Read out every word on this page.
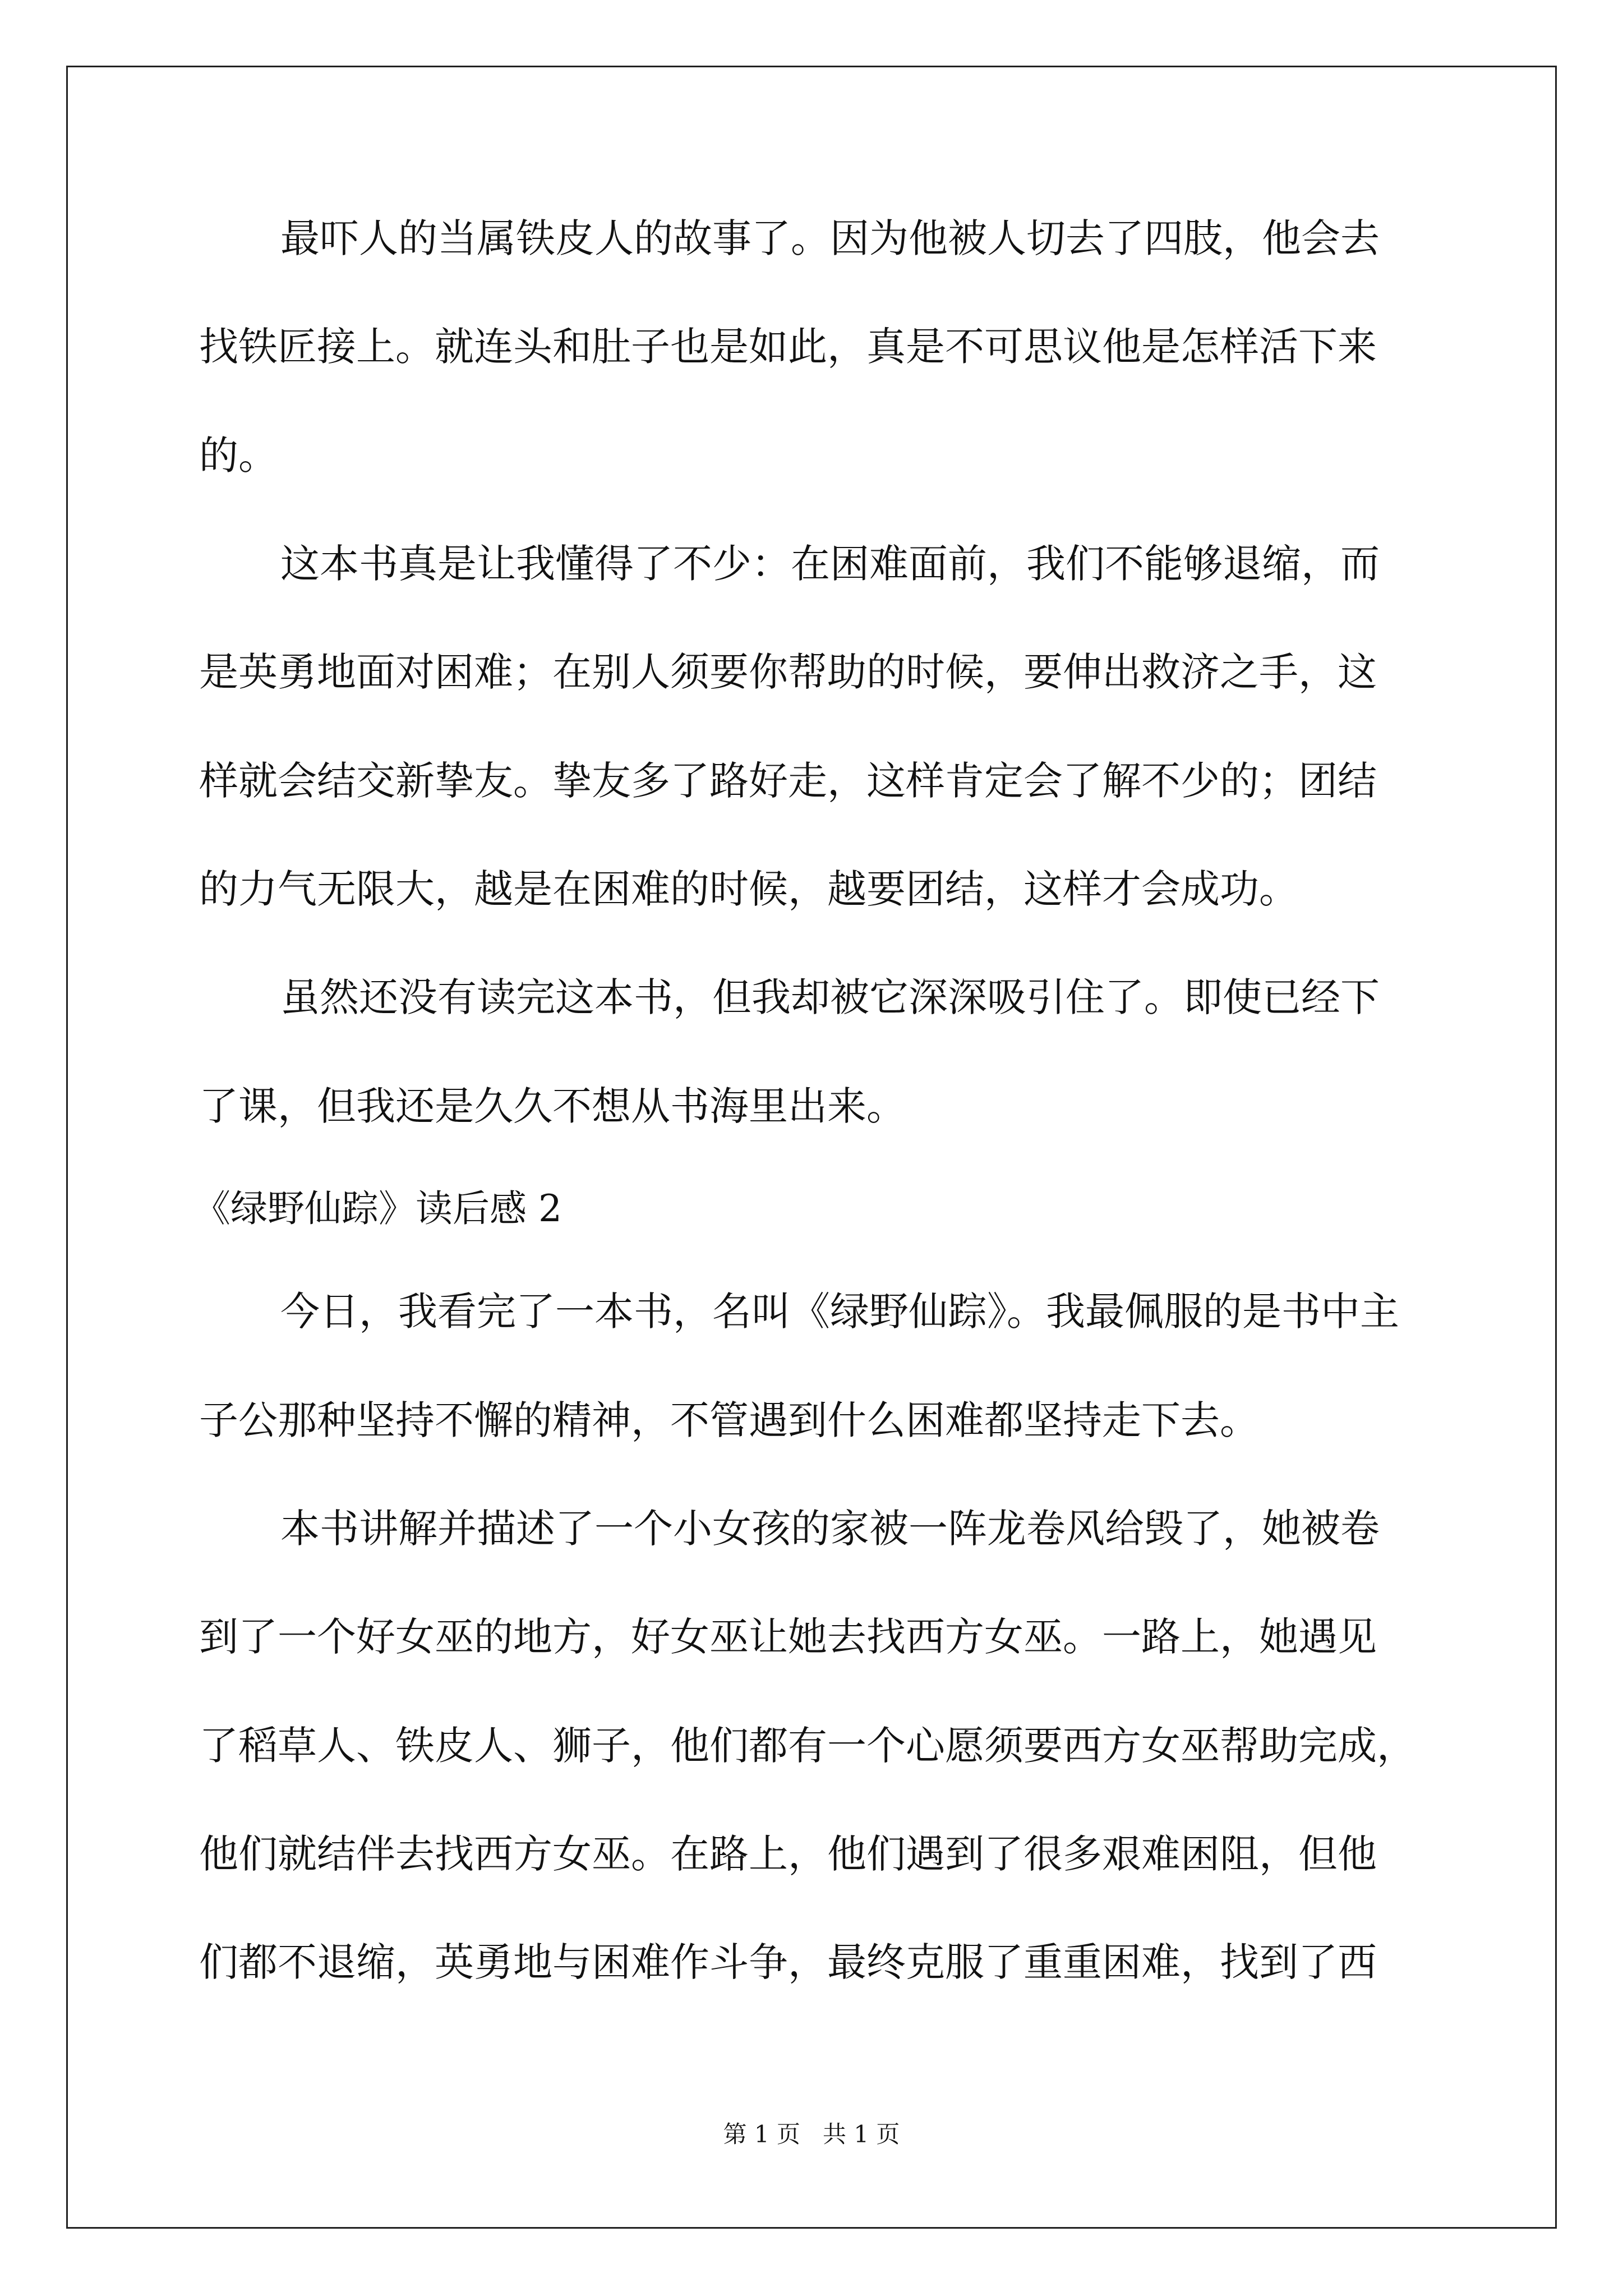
最吓人的当属铁皮人的故事了。因为他被人切去了四肢，他会去
找铁匠接上。就连头和肚子也是如此，真是不可思议他是怎样活下来
的。
这本书真是让我懂得了不少：在困难面前，我们不能够退缩，而
是英勇地面对困难；在别人须要你帮助的时候，要伸出救济之手，这
样就会结交新挚友。挚友多了路好走，这样肯定会了解不少的；团结
的力气无限大，越是在困难的时候，越要团结，这样才会成功。
虽然还没有读完这本书，但我却被它深深吸引住了。即使已经下
了课，但我还是久久不想从书海里出来。
《绿野仙踪》读后感 2
今日，我看完了一本书，名叫《绿野仙踪》。我最佩服的是书中主
子公那种坚持不懈的精神，不管遇到什么困难都坚持走下去。
本书讲解并描述了一个小女孩的家被一阵龙卷风给毁了，她被卷
到了一个好女巫的地方，好女巫让她去找西方女巫。一路上，她遇见
了稻草人、铁皮人、狮子，他们都有一个心愿须要西方女巫帮助完成，
他们就结伴去找西方女巫。在路上，他们遇到了很多艰难困阻，但他
们都不退缩，英勇地与困难作斗争，最终克服了重重困难，找到了西
第 1 页 共 1 页
